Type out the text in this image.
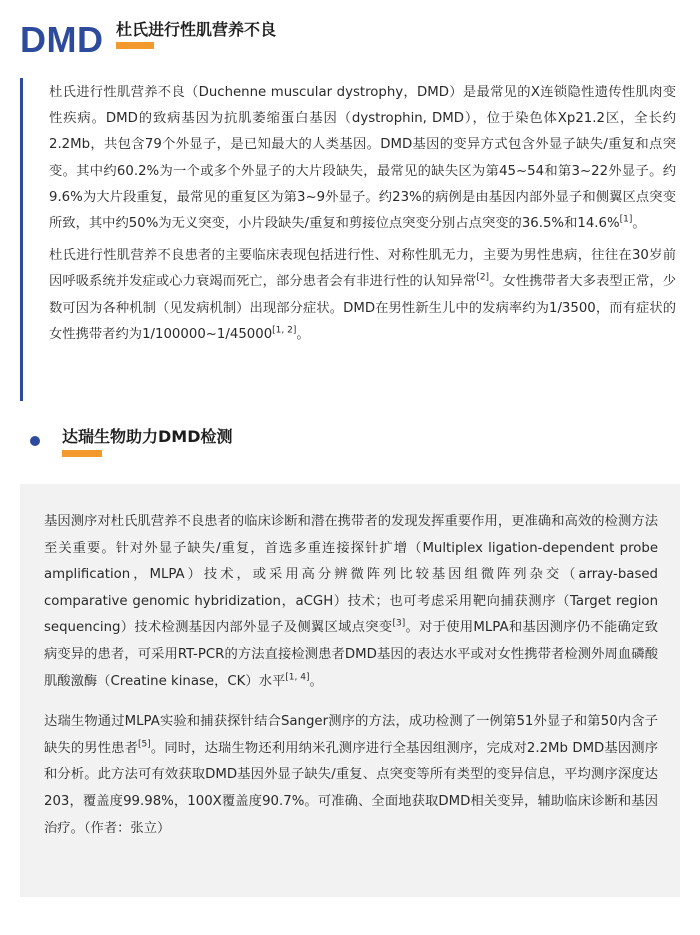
DMD 杜氏进行性肌营养不良

杜氏进行性肌营养不良（Duchenne muscular dystrophy，DMD）是最常见的X连锁隐性遗传性肌肉变性疾病。DMD的致病基因为抗肌萎缩蛋白基因（dystrophin, DMD），位于染色体Xp21.2区，全长约2.2Mb，共包含79个外显子，是已知最大的人类基因。DMD基因的变异方式包含外显子缺失/重复和点突变。其中约60.2%为一个或多个外显子的大片段缺失，最常见的缺失区为第45~54和第3~22外显子。约9.6%为大片段重复，最常见的重复区为第3~9外显子。约23%的病例是由基因内部外显子和侧翼区点突变所致，其中约50%为无义突变，小片段缺失/重复和剪接位点突变分别占点突变的36.5%和14.6%[1]。

杜氏进行性肌营养不良患者的主要临床表现包括进行性、对称性肌无力，主要为男性患病，往往在30岁前因呼吸系统并发症或心力衰竭而死亡，部分患者会有非进行性的认知异常[2]。女性携带者大多表型正常，少数可因为各种机制（见发病机制）出现部分症状。DMD在男性新生儿中的发病率约为1/3500，而有症状的女性携带者约为1/100000~1/45000[1, 2]。

达瑞生物助力DMD检测

基因测序对杜氏肌营养不良患者的临床诊断和潜在携带者的发现发挥重要作用，更准确和高效的检测方法至关重要。针对外显子缺失/重复，首选多重连接探针扩增（Multiplex ligation-dependent probe amplification，MLPA）技术，或采用高分辨微阵列比较基因组微阵列杂交（array-based comparative genomic hybridization，aCGH）技术；也可考虑采用靶向捕获测序（Target region sequencing）技术检测基因内部外显子及侧翼区域点突变[3]。对于使用MLPA和基因测序仍不能确定致病变异的患者，可采用RT-PCR的方法直接检测患者DMD基因的表达水平或对女性携带者检测外周血磷酸肌酸激酶（Creatine kinase，CK）水平[1, 4]。

达瑞生物通过MLPA实验和捕获探针结合Sanger测序的方法，成功检测了一例第51外显子和第50内含子缺失的男性患者[5]。同时，达瑞生物还利用纳米孔测序进行全基因组测序，完成对2.2Mb DMD基因测序和分析。此方法可有效获取DMD基因外显子缺失/重复、点突变等所有类型的变异信息，平均测序深度达203，覆盖度99.98%，100X覆盖度90.7%。可准确、全面地获取DMD相关变异，辅助临床诊断和基因治疗。（作者：张立）
